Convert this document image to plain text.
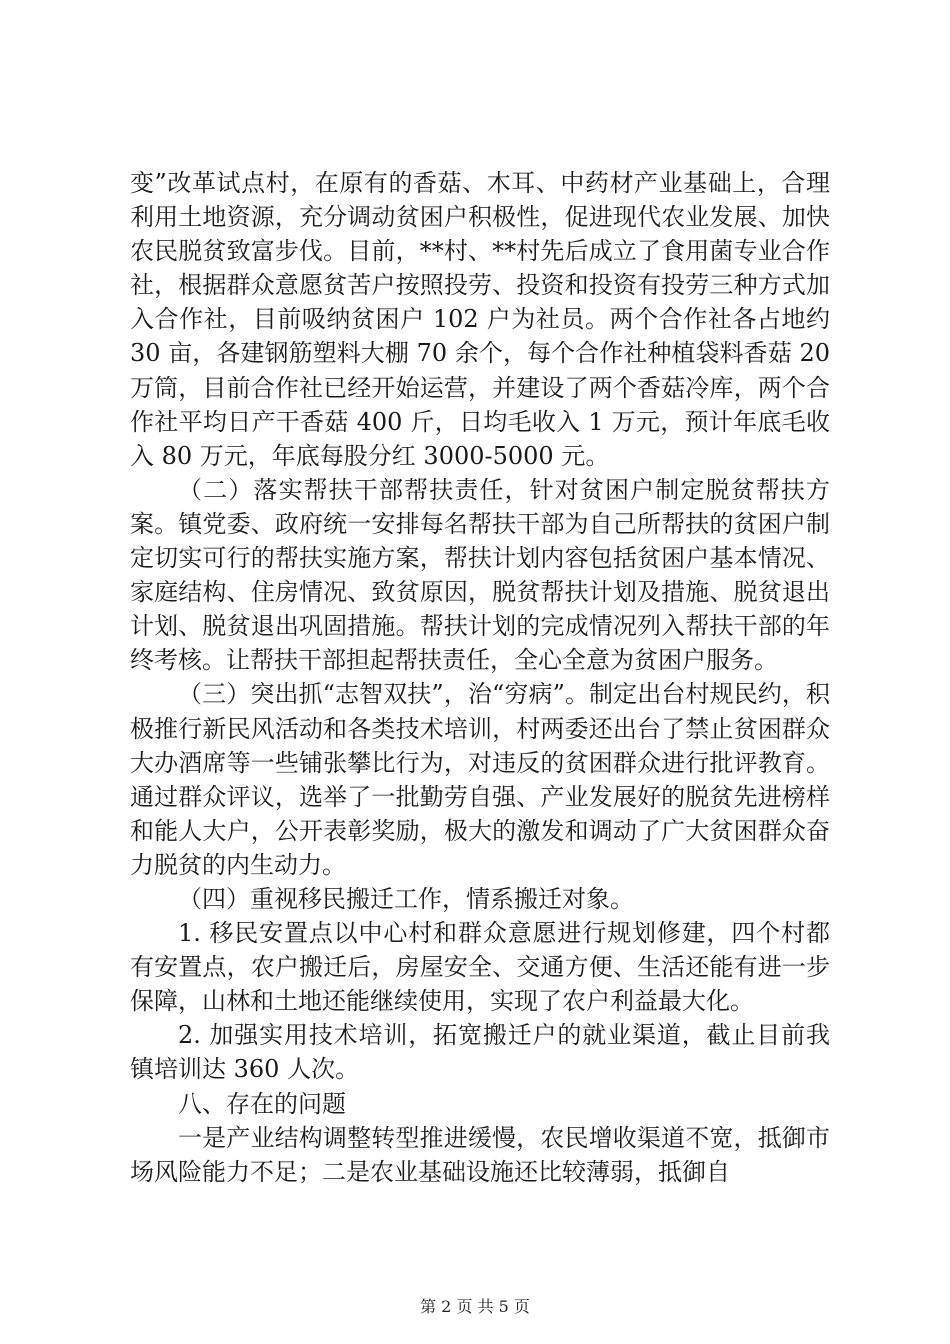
变”改革试点村，在原有的香菇、木耳、中药材产业基础上，合理利用土地资源，充分调动贫困户积极性，促进现代农业发展、加快农民脱贫致富步伐。目前，**村、**村先后成立了食用菌专业合作社，根据群众意愿贫苦户按照投劳、投资和投资有投劳三种方式加入合作社，目前吸纳贫困户 102 户为社员。两个合作社各占地约 30 亩，各建钢筋塑料大棚 70 余个，每个合作社种植袋料香菇 20 万筒，目前合作社已经开始运营，并建设了两个香菇冷库，两个合作社平均日产干香菇 400 斤，日均毛收入 1 万元，预计年底毛收入 80 万元，年底每股分红 3000-5000 元。

（二）落实帮扶干部帮扶责任，针对贫困户制定脱贫帮扶方案。镇党委、政府统一安排每名帮扶干部为自己所帮扶的贫困户制定切实可行的帮扶实施方案，帮扶计划内容包括贫困户基本情况、家庭结构、住房情况、致贫原因，脱贫帮扶计划及措施、脱贫退出计划、脱贫退出巩固措施。帮扶计划的完成情况列入帮扶干部的年终考核。让帮扶干部担起帮扶责任，全心全意为贫困户服务。

（三）突出抓“志智双扶”，治“穷病”。制定出台村规民约，积极推行新民风活动和各类技术培训，村两委还出台了禁止贫困群众大办酒席等一些铺张攀比行为，对违反的贫困群众进行批评教育。通过群众评议，选举了一批勤劳自强、产业发展好的脱贫先进榜样和能人大户，公开表彰奖励，极大的激发和调动了广大贫困群众奋力脱贫的内生动力。

（四）重视移民搬迁工作，情系搬迁对象。

1. 移民安置点以中心村和群众意愿进行规划修建，四个村都有安置点，农户搬迁后，房屋安全、交通方便、生活还能有进一步保障，山林和土地还能继续使用，实现了农户利益最大化。

2. 加强实用技术培训，拓宽搬迁户的就业渠道，截止目前我镇培训达 360 人次。

八、存在的问题

一是产业结构调整转型推进缓慢，农民增收渠道不宽，抵御市场风险能力不足；二是农业基础设施还比较薄弱，抵御自

第 2 页 共 5 页
